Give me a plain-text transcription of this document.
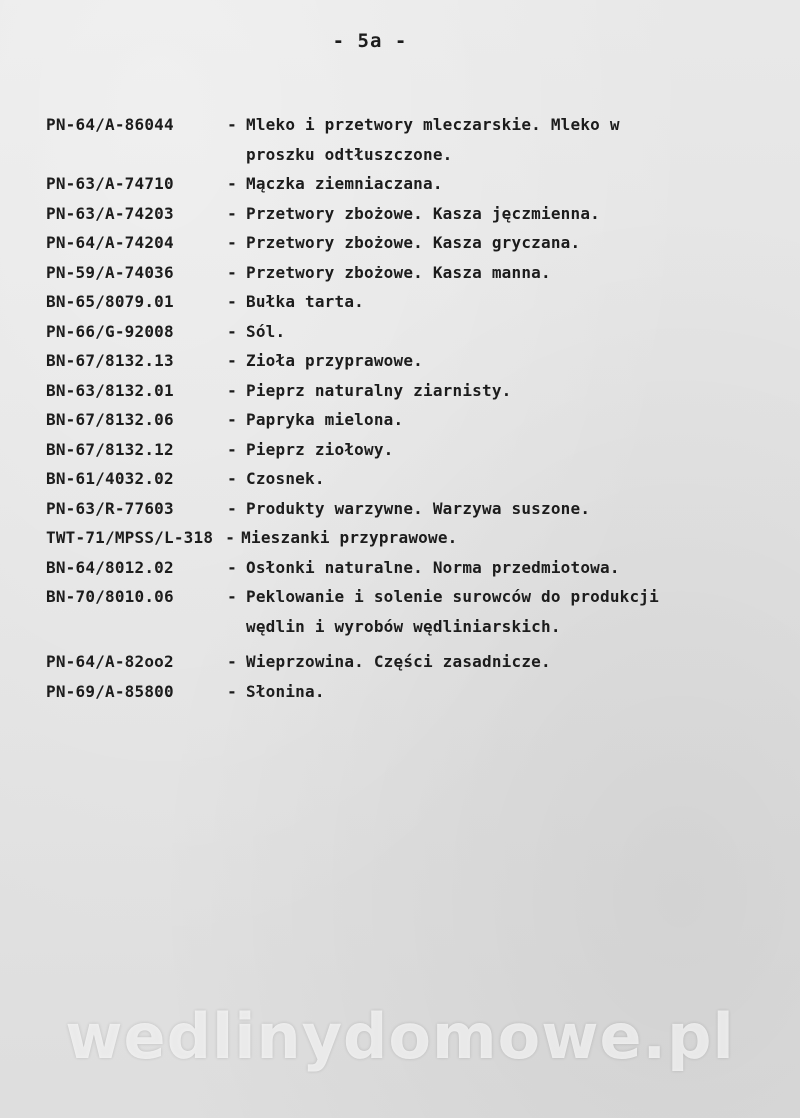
- 5a -
PN-64/A-86044	- Mleko i przetwory mleczarskie. Mleko w
proszku odtłuszczone.
PN-63/A-74710	- Mączka ziemniaczana.
PN-63/A-74203	- Przetwory zbożowe. Kasza jęczmienna.
PN-64/A-74204	- Przetwory zbożowe. Kasza gryczana.
PN-59/A-74036	- Przetwory zbożowe. Kasza manna.
BN-65/8079.01	- Bułka tarta.
PN-66/G-92008	- Sól.
BN-67/8132.13	- Zioła przyprawowe.
BN-63/8132.01	- Pieprz naturalny ziarnisty.
BN-67/8132.06	- Papryka mielona.
BN-67/8132.12	- Pieprz ziołowy.
BN-61/4032.02	- Czosnek.
PN-63/R-77603	- Produkty warzywne. Warzywa suszone.
TWT-71/MPSS/L-318 - Mieszanki przyprawowe.
BN-64/8012.02	- Osłonki naturalne. Norma przedmiotowa.
BN-70/8010.06	- Peklowanie i solenie surowców do produkcji
wędlin i wyrobów wędliniarskich.
PN-64/A-82oo2	- Wieprzowina. Części zasadnicze.
PN-69/A-85800	- Słonina.
wedlinydomowe.pl
